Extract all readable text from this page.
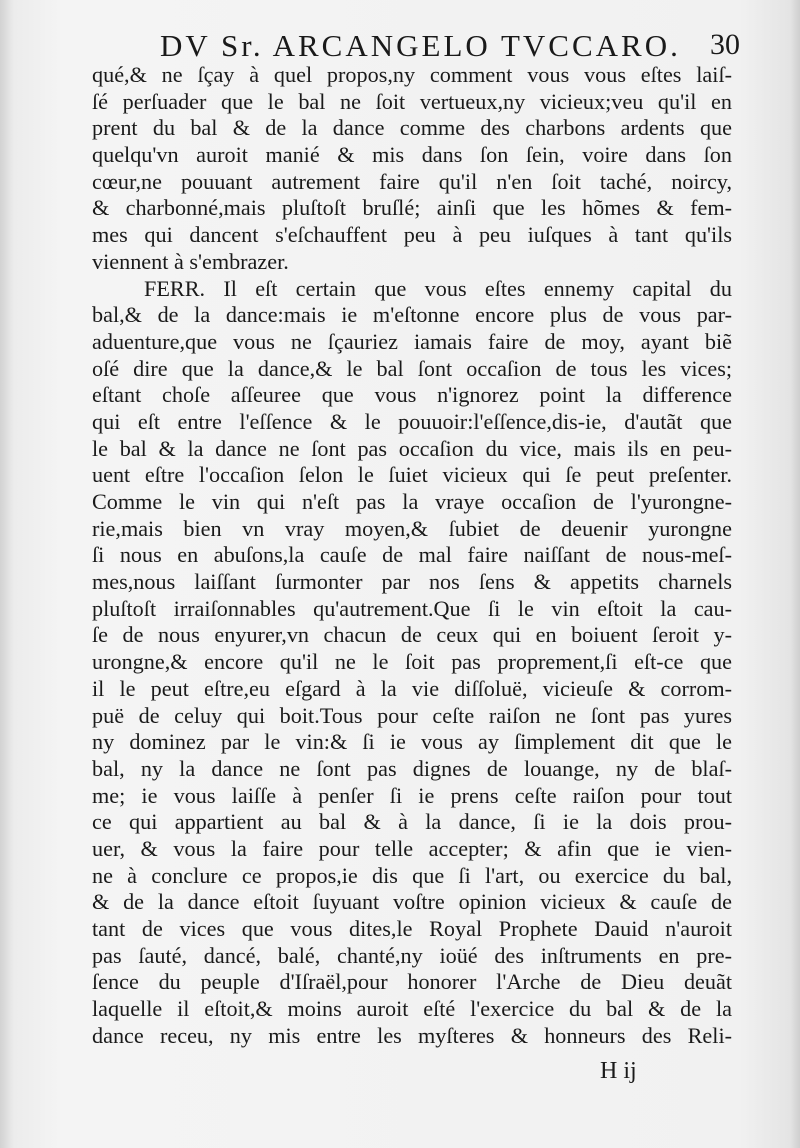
DV Sr. ARCANGELO TVCCARO. 30
qué,& ne ſçay à quel propos,ny comment vous vous eſtes laiſ-
ſé perſuader que le bal ne ſoit vertueux,ny vicieux;veu qu'il en
prent du bal & de la dance comme des charbons ardents que
quelqu'vn auroit manié & mis dans ſon ſein, voire dans ſon
cœur,ne pouuant autrement faire qu'il n'en ſoit taché, noircy,
& charbonné,mais pluſtoſt bruſlé; ainſi que les hõmes & fem-
mes qui dancent s'eſchauffent peu à peu iuſques à tant qu'ils
viennent à s'embrazer.
FERR. Il eſt certain que vous eſtes ennemy capital du
bal,& de la dance:mais ie m'eſtonne encore plus de vous par-
aduenture,que vous ne ſçauriez iamais faire de moy, ayant biẽ
oſé dire que la dance,& le bal ſont occaſion de tous les vices;
eſtant choſe aſſeuree que vous n'ignorez point la difference
qui eſt entre l'eſſence & le pouuoir:l'eſſence,dis-ie, d'autãt que
le bal & la dance ne ſont pas occaſion du vice, mais ils en peu-
uent eſtre l'occaſion ſelon le ſuiet vicieux qui ſe peut preſenter.
Comme le vin qui n'eſt pas la vraye occaſion de l'yurongne-
rie,mais bien vn vray moyen,& ſubiet de deuenir yurongne
ſi nous en abuſons,la cauſe de mal faire naiſſant de nous-meſ-
mes,nous laiſſant ſurmonter par nos ſens & appetits charnels
pluſtoſt irraiſonnables qu'autrement.Que ſi le vin eſtoit la cau-
ſe de nous enyurer,vn chacun de ceux qui en boiuent ſeroit y-
urongne,& encore qu'il ne le ſoit pas proprement,ſi eſt-ce que
il le peut eſtre,eu eſgard à la vie diſſoluë, vicieuſe & corrom-
puë de celuy qui boit.Tous pour ceſte raiſon ne ſont pas yures
ny dominez par le vin:& ſi ie vous ay ſimplement dit que le
bal, ny la dance ne ſont pas dignes de louange, ny de blaſ-
me; ie vous laiſſe à penſer ſi ie prens ceſte raiſon pour tout
ce qui appartient au bal & à la dance, ſi ie la dois prou-
uer, & vous la faire pour telle accepter; & afin que ie vien-
ne à conclure ce propos,ie dis que ſi l'art, ou exercice du bal,
& de la dance eſtoit ſuyuant voſtre opinion vicieux & cauſe de
tant de vices que vous dites,le Royal Prophete Dauid n'auroit
pas ſauté, dancé, balé, chanté,ny ioüé des inſtruments en pre-
ſence du peuple d'Iſraël,pour honorer l'Arche de Dieu deuãt
laquelle il eſtoit,& moins auroit eſté l'exercice du bal & de la
dance receu, ny mis entre les myſteres & honneurs des Reli-
H ij
